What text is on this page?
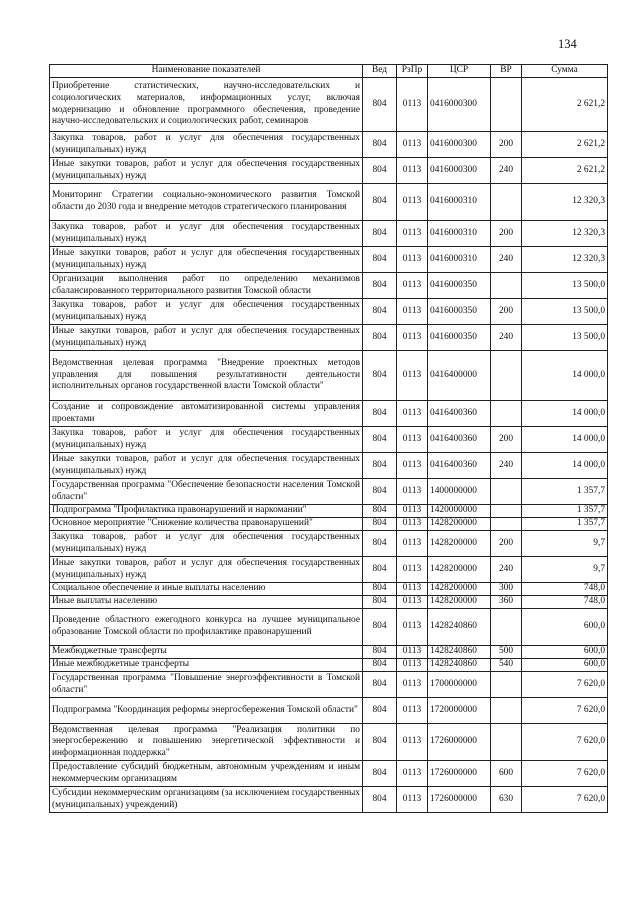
134
Наименование показателей	Вед	РзПр	ЦСР	ВР	Сумма
Приобретение статистических, научно-исследовательских и социологических материалов, информационных услуг, включая модернизацию и обновление программного обеспечения, проведение научно-исследовательских и социологических работ, семинаров	804	0113	0416000300		2 621,2
Закупка товаров, работ и услуг для обеспечения государственных (муниципальных) нужд	804	0113	0416000300	200	2 621,2
Иные закупки товаров, работ и услуг для обеспечения государственных (муниципальных) нужд	804	0113	0416000300	240	2 621,2
Мониторинг Стратегии социально-экономического развития Томской области до 2030 года и внедрение методов стратегического планирования	804	0113	0416000310		12 320,3
Закупка товаров, работ и услуг для обеспечения государственных (муниципальных) нужд	804	0113	0416000310	200	12 320,3
Иные закупки товаров, работ и услуг для обеспечения государственных (муниципальных) нужд	804	0113	0416000310	240	12 320,3
Организация выполнения работ по определению механизмов сбалансированного территориального развития Томской области	804	0113	0416000350		13 500,0
Закупка товаров, работ и услуг для обеспечения государственных (муниципальных) нужд	804	0113	0416000350	200	13 500,0
Иные закупки товаров, работ и услуг для обеспечения государственных (муниципальных) нужд	804	0113	0416000350	240	13 500,0
Ведомственная целевая программа "Внедрение проектных методов управления для повышения результативности деятельности исполнительных органов государственной власти Томской области"	804	0113	0416400000		14 000,0
Создание и сопровождение автоматизированной системы управления проектами	804	0113	0416400360		14 000,0
Закупка товаров, работ и услуг для обеспечения государственных (муниципальных) нужд	804	0113	0416400360	200	14 000,0
Иные закупки товаров, работ и услуг для обеспечения государственных (муниципальных) нужд	804	0113	0416400360	240	14 000,0
Государственная программа "Обеспечение безопасности населения Томской области"	804	0113	1400000000		1 357,7
Подпрограмма "Профилактика правонарушений и наркомании"	804	0113	1420000000		1 357,7
Основное мероприятие "Снижение количества правонарушений"	804	0113	1428200000		1 357,7
Закупка товаров, работ и услуг для обеспечения государственных (муниципальных) нужд	804	0113	1428200000	200	9,7
Иные закупки товаров, работ и услуг для обеспечения государственных (муниципальных) нужд	804	0113	1428200000	240	9,7
Социальное обеспечение и иные выплаты населению	804	0113	1428200000	300	748,0
Иные выплаты населению	804	0113	1428200000	360	748,0
Проведение областного ежегодного конкурса на лучшее муниципальное образование Томской области по профилактике правонарушений	804	0113	1428240860		600,0
Межбюджетные трансферты	804	0113	1428240860	500	600,0
Иные межбюджетные трансферты	804	0113	1428240860	540	600,0
Государственная программа "Повышение энергоэффективности в Томской области"	804	0113	1700000000		7 620,0
Подпрограмма "Координация реформы энергосбережения Томской области"	804	0113	1720000000		7 620,0
Ведомственная целевая программа "Реализация политики по энергосбережению и повышению энергетической эффективности и информационная поддержка"	804	0113	1726000000		7 620,0
Предоставление субсидий бюджетным, автономным учреждениям и иным некоммерческим организациям	804	0113	1726000000	600	7 620,0
Субсидии некоммерческим организациям (за исключением государственных (муниципальных) учреждений)	804	0113	1726000000	630	7 620,0
